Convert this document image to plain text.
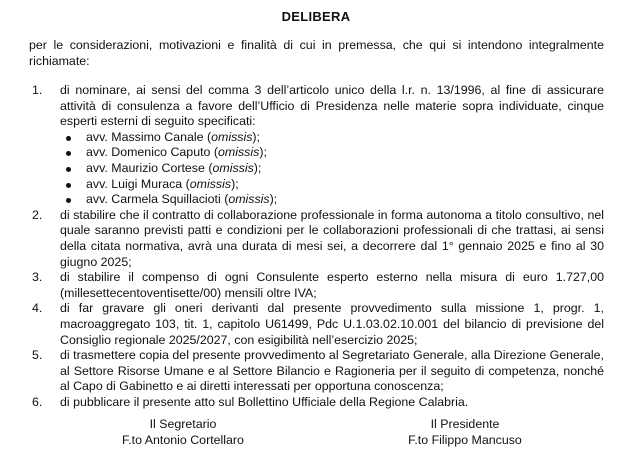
DELIBERA
per le considerazioni, motivazioni e finalità di cui in premessa, che qui si intendono integralmente richiamate:
1. di nominare, ai sensi del comma 3 dell’articolo unico della l.r. n. 13/1996, al fine di assicurare attività di consulenza a favore dell’Ufficio di Presidenza nelle materie sopra individuate, cinque esperti esterni di seguito specificati:
avv. Massimo Canale (omissis);
avv. Domenico Caputo (omissis);
avv. Maurizio Cortese (omissis);
avv. Luigi Muraca (omissis);
avv. Carmela Squillacioti (omissis);
2. di stabilire che il contratto di collaborazione professionale in forma autonoma a titolo consultivo, nel quale saranno previsti patti e condizioni per le collaborazioni professionali di che trattasi, ai sensi della citata normativa, avrà una durata di mesi sei, a decorrere dal 1° gennaio 2025 e fino al 30 giugno 2025;
3. di stabilire il compenso di ogni Consulente esperto esterno nella misura di euro 1.727,00 (millesettecentoventisette/00) mensili oltre IVA;
4. di far gravare gli oneri derivanti dal presente provvedimento sulla missione 1, progr. 1, macroaggregato 103, tit. 1, capitolo U61499, Pdc U.1.03.02.10.001 del bilancio di previsione del Consiglio regionale 2025/2027, con esigibilità nell’esercizio 2025;
5. di trasmettere copia del presente provvedimento al Segretariato Generale, alla Direzione Generale, al Settore Risorse Umane e al Settore Bilancio e Ragioneria per il seguito di competenza, nonché al Capo di Gabinetto e ai diretti interessati per opportuna conoscenza;
6. di pubblicare il presente atto sul Bollettino Ufficiale della Regione Calabria.
Il Segretario
F.to Antonio Cortellaro
Il Presidente
F.to Filippo Mancuso
